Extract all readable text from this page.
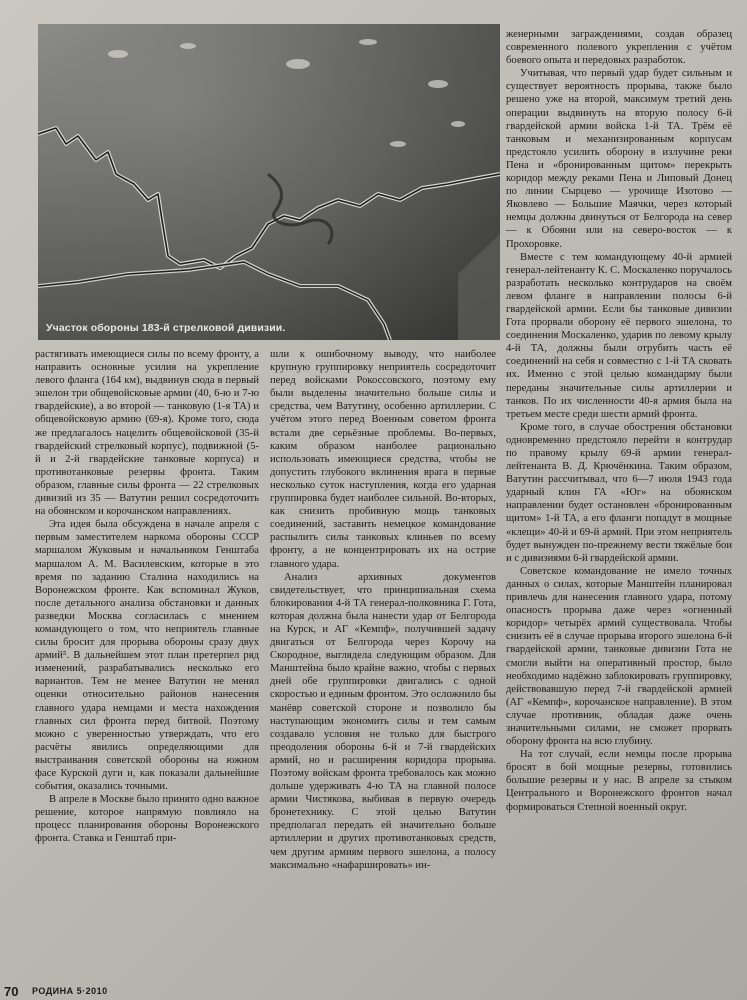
Участок обороны 183-й стрелковой дивизии.

растягивать имеющиеся силы по всему фронту, а направить основные усилия на укрепление левого фланга (164 км), выдвинув сюда в первый эшелон три общевойсковые армии (40, 6-ю и 7-ю гвардейские), а во второй — танковую (1-я ТА) и общевойсковую армию (69-я). Кроме того, сюда же предлагалось нацелить общевойсковой (35-й гвардейский стрелковый корпус), подвижной (5-й и 2-й гвардейские танковые корпуса) и противотанковые резервы фронта. Таким образом, главные силы фронта — 22 стрелковых дивизий из 35 — Ватутин решил сосредоточить на обоянском и корочанском направлениях.

Эта идея была обсуждена в начале апреля с первым заместителем наркома обороны СССР маршалом Жуковым и начальником Генштаба маршалом А. М. Василевским, которые в это время по заданию Сталина находились на Воронежском фронте. Как вспоминал Жуков, после детального анализа обстановки и данных разведки Москва согласилась с мнением командующего о том, что неприятель главные силы бросит для прорыва обороны сразу двух армий⁵. В дальнейшем этот план претерпел ряд изменений, разрабатывались несколько его вариантов. Тем не менее Ватутин не менял оценки относительно районов нанесения главного удара немцами и места нахождения главных сил фронта перед битвой. Поэтому можно с уверенностью утверждать, что его расчёты явились определяющими для выстраивания советской обороны на южном фасе Курской дуги и, как показали дальнейшие события, оказались точными.

В апреле в Москве было принято одно важное решение, которое напрямую повлияло на процесс планирования обороны Воронежского фронта. Ставка и Генштаб при-

шли к ошибочному выводу, что наиболее крупную группировку неприятель сосредоточит перед войсками Рокоссовского, поэтому ему были выделены значительно больше силы и средства, чем Ватутину, особенно артиллерии. С учётом этого перед Военным советом фронта встали две серьёзные проблемы. Во-первых, каким образом наиболее рационально использовать имеющиеся средства, чтобы не допустить глубокого вклинения врага в первые несколько суток наступления, когда его ударная группировка будет наиболее сильной. Во-вторых, как снизить пробивную мощь танковых соединений, заставить немецкое командование распылить силы танковых клиньев по всему фронту, а не концентрировать их на острие главного удара.

Анализ архивных документов свидетельствует, что принципиальная схема блокирования 4-й ТА генерал-полковника Г. Гота, которая должна была нанести удар от Белгорода на Курск, и АГ «Кемпф», получившей задачу двигаться от Белгорода через Корочу на Скородное, выглядела следующим образом. Для Манштейна было крайне важно, чтобы с первых дней обе группировки двигались с одной скоростью и единым фронтом. Это осложнило бы манёвр советской стороне и позволило бы наступающим экономить силы и тем самым создавало условия не только для быстрого преодоления обороны 6-й и 7-й гвардейских армий, но и расширения коридора прорыва. Поэтому войскам фронта требовалось как можно дольше удерживать 4-ю ТА на главной полосе армии Чистякова, выбивая в первую очередь бронетехнику. С этой целью Ватутин предполагал передать ей значительно больше артиллерии и других противотанковых средств, чем другим армиям первого эшелона, а полосу максимально «нафаршировать» ин-

женерными заграждениями, создав образец современного полевого укрепления с учётом боевого опыта и передовых разработок.

Учитывая, что первый удар будет сильным и существует вероятность прорыва, также было решено уже на второй, максимум третий день операции выдвинуть на вторую полосу 6-й гвардейской армии войска 1-й ТА. Трём её танковым и механизированным корпусам предстояло усилить оборону в излучине реки Пена и «бронированным щитом» перекрыть коридор между реками Пена и Липовый Донец по линии Сырцево — урочище Изотово — Яковлево — Большие Маячки, через который немцы должны двинуться от Белгорода на север — к Обояни или на северо-восток — к Прохоровке.

Вместе с тем командующему 40-й армией генерал-лейтенанту К. С. Москаленко поручалось разработать несколько контрударов на своём левом фланге в направлении полосы 6-й гвардейской армии. Если бы танковые дивизии Гота прорвали оборону её первого эшелона, то соединения Москаленко, ударив по левому крылу 4-й ТА, должны были отрубить часть её соединений на себя и совместно с 1-й ТА сковать их. Именно с этой целью командарму были переданы значительные силы артиллерии и танков. По их численности 40-я армия была на третьем месте среди шести армий фронта.

Кроме того, в случае обострения обстановки одновременно предстояло перейти в контрудар по правому крылу 69-й армии генерал-лейтенанта В. Д. Крючёнкина. Таким образом, Ватутин рассчитывал, что 6—7 июля 1943 года ударный клин ГА «Юг» на обоянском направлении будет остановлен «бронированным щитом» 1-й ТА, а его фланги попадут в мощные «клещи» 40-й и 69-й армий. При этом неприятель будет вынужден по-прежнему вести тяжёлые бои и с дивизиями 6-й гвардейской армии.

Советское командование не имело точных данных о силах, которые Манштейн планировал привлечь для нанесения главного удара, потому опасность прорыва даже через «огненный коридор» четырёх армий существовала. Чтобы снизить её в случае прорыва второго эшелона 6-й гвардейской армии, танковые дивизии Гота не смогли выйти на оперативный простор, было необходимо надёжно заблокировать группировку, действовавшую перед 7-й гвардейской армией (АГ «Кемпф», корочанское направление). В этом случае противник, обладая даже очень значительными силами, не сможет прорвать оборону фронта на всю глубину.

На тот случай, если немцы после прорыва бросят в бой мощные резервы, готовились большие резервы и у нас. В апреле за стыком Центрального и Воронежского фронтов начал формироваться Степной военный округ.

70 РОДИНА 5·2010
